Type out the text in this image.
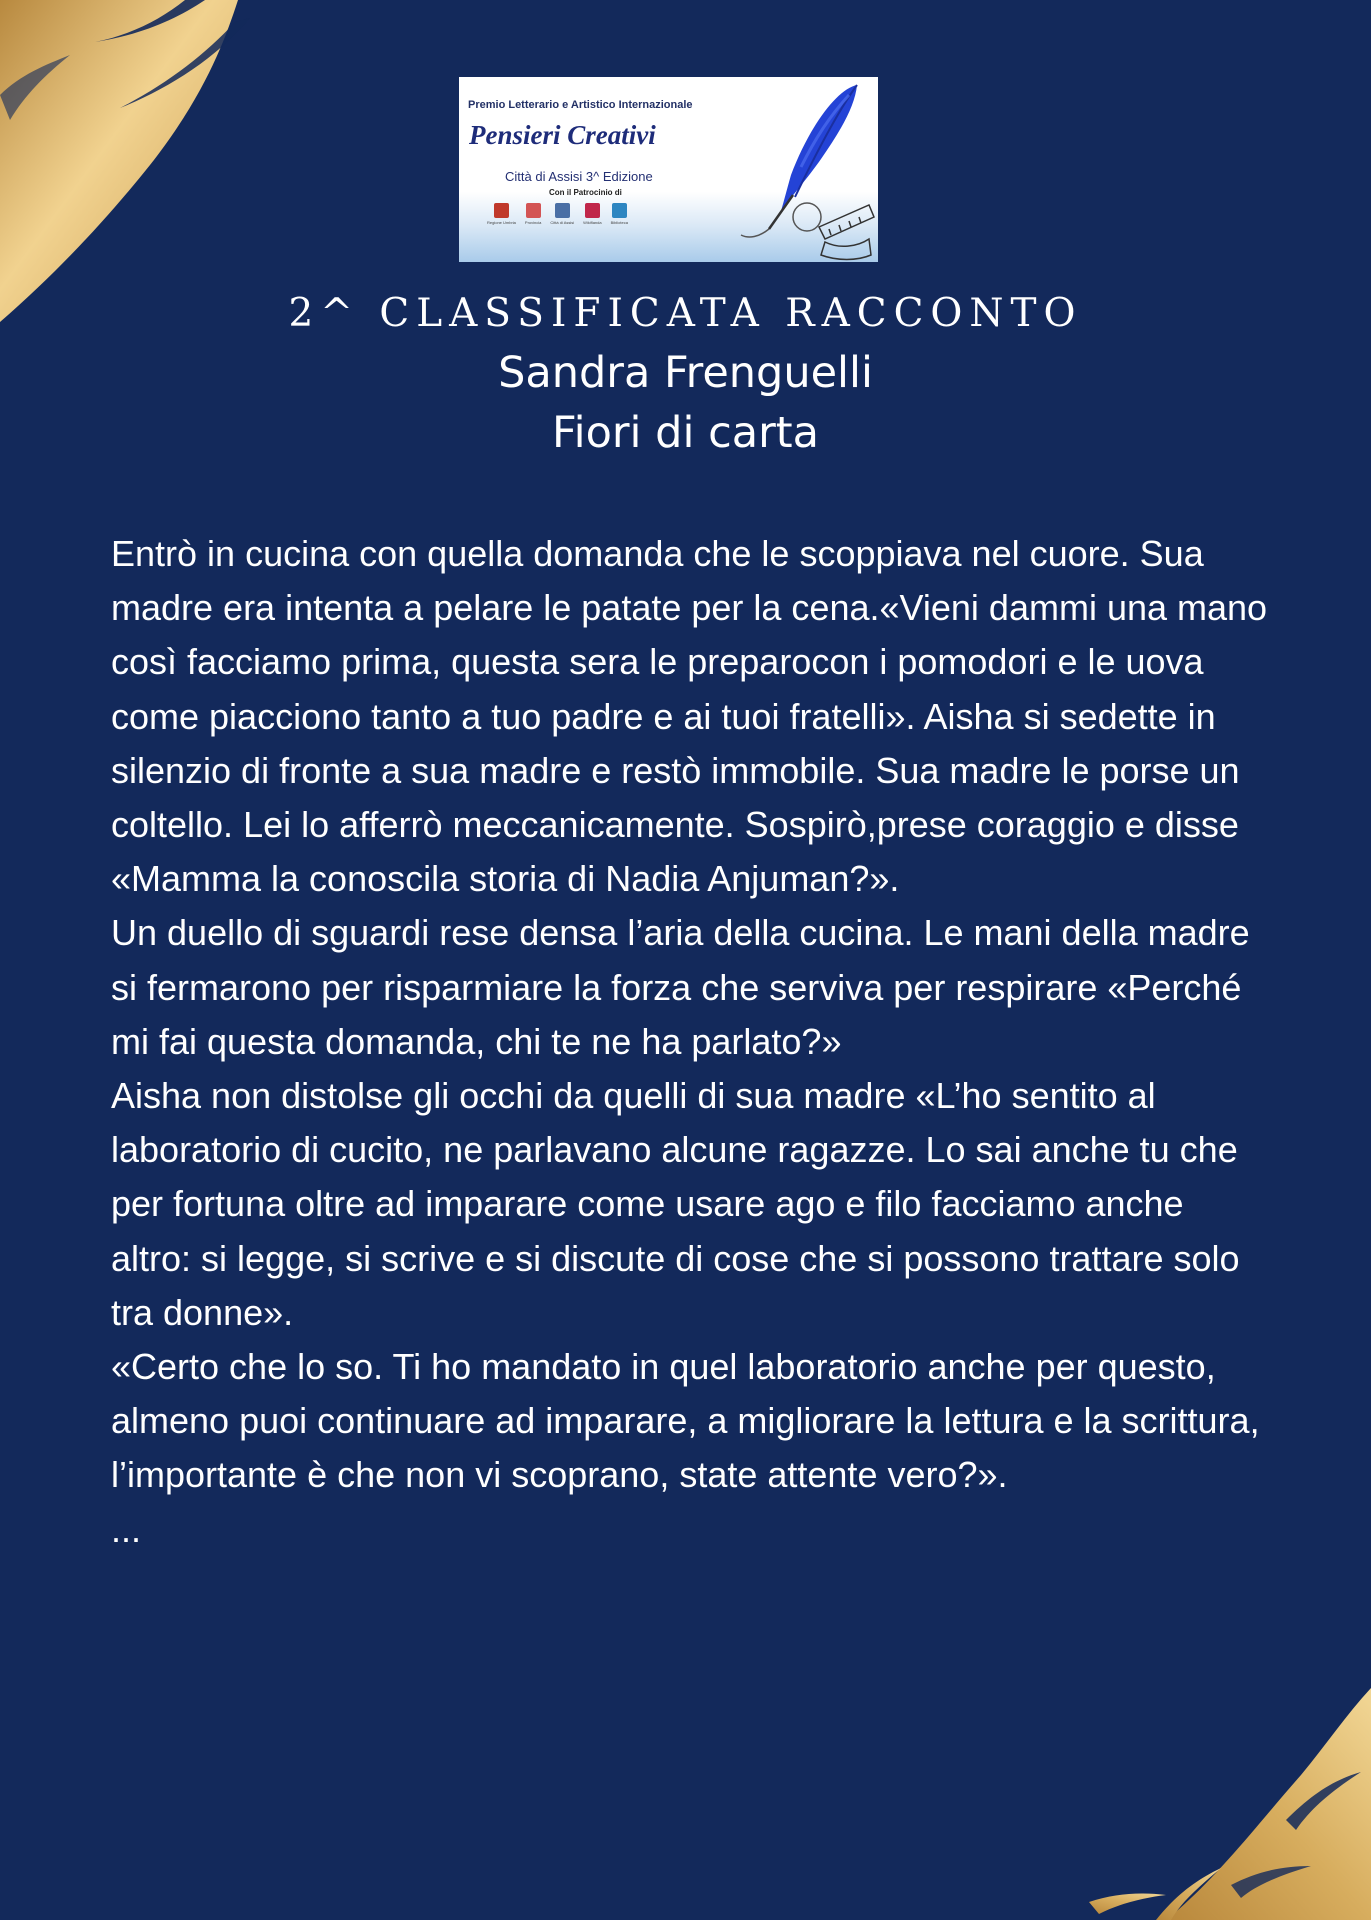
Premio Letterario e Artistico Internazionale
Pensieri Creativi
Città di Assisi 3^ Edizione
Con il Patrocinio di
Regione Umbria Provincia Città di Assisi Wikiflanda Biblioteca
2^ CLASSIFICATA RACCONTO
Sandra Frenguelli
Fiori di carta

Entrò in cucina con quella domanda che le scoppiava nel cuore. Sua madre era intenta a pelare le patate per la cena.«Vieni dammi una mano così facciamo prima, questa sera le preparocon i pomodori e le uova come piacciono tanto a tuo padre e ai tuoi fratelli». Aisha si sedette in silenzio di fronte a sua madre e restò immobile. Sua madre le porse un coltello. Lei lo afferrò meccanicamente. Sospirò,prese coraggio e disse «Mamma la conoscila storia di Nadia Anjuman?».

Un duello di sguardi rese densa l’aria della cucina. Le mani della madre si fermarono per risparmiare la forza che serviva per respirare «Perché mi fai questa domanda, chi te ne ha parlato?»

Aisha non distolse gli occhi da quelli di sua madre «L’ho sentito al laboratorio di cucito, ne parlavano alcune ragazze. Lo sai anche tu che per fortuna oltre ad imparare come usare ago e filo facciamo anche altro: si legge, si scrive e si discute di cose che si possono trattare solo tra donne».

«Certo che lo so. Ti ho mandato in quel laboratorio anche per questo, almeno puoi continuare ad imparare, a migliorare la lettura e la scrittura, l’importante è che non vi scoprano, state attente vero?».

...
